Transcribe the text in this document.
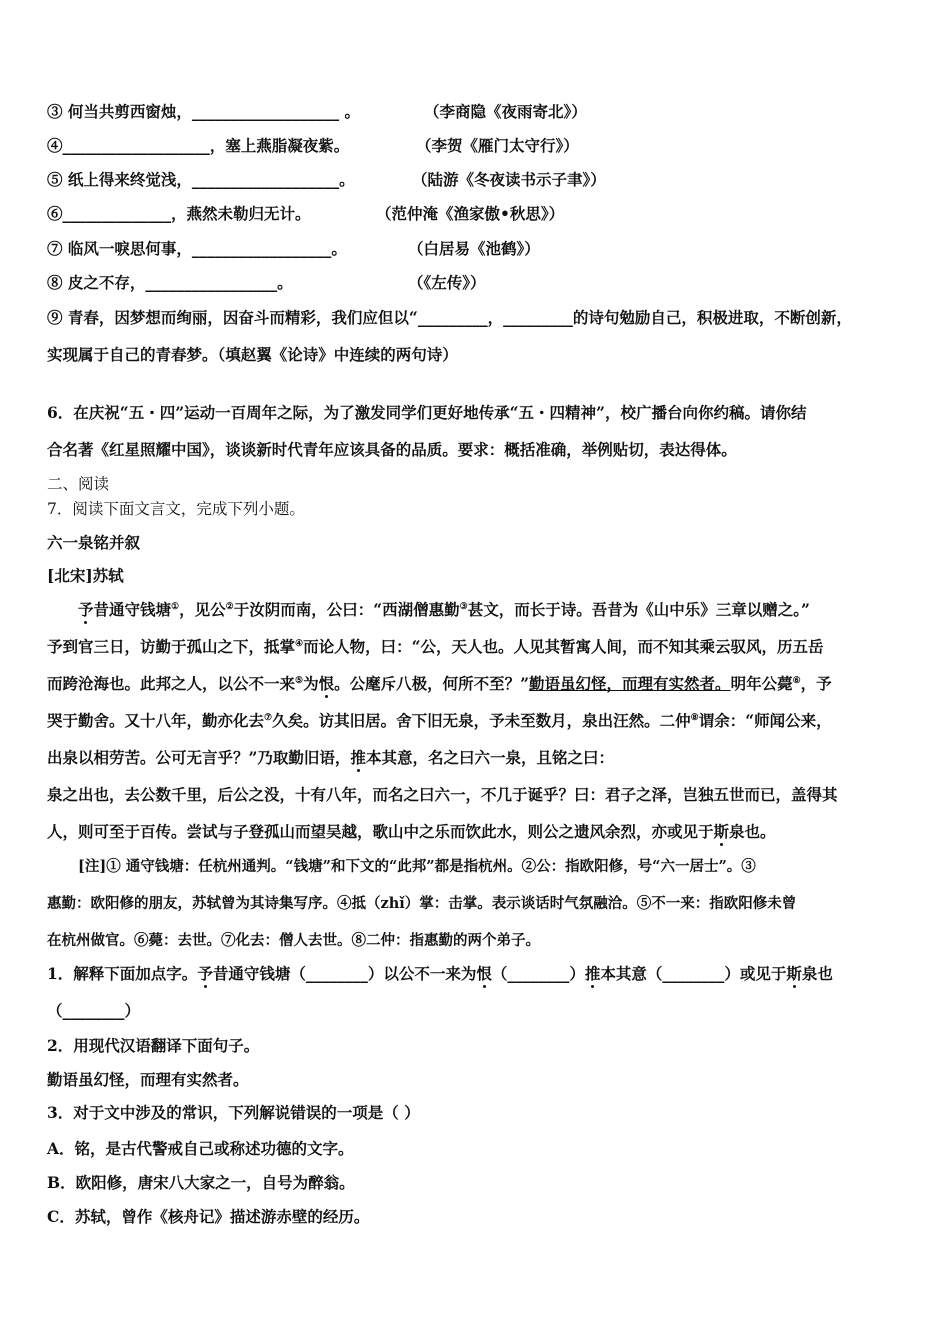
③ 何当共剪西窗烛，___________________ 。	（李商隐《夜雨寄北》）
④___________________，塞上燕脂凝夜紫。	（李贺《雁门太守行》）
⑤ 纸上得来终觉浅，___________________。	（陆游《冬夜读书示子聿》）
⑥______________，燕然未勒归无计。	（范仲淹《渔家傲•秋思》）
⑦ 临风一唳思何事，__________________。	（白居易《池鹤》）
⑧ 皮之不存，_________________。	（《左传》）
⑨ 青春，因梦想而绚丽，因奋斗而精彩，我们应但以“_________，_________的诗句勉励自己，积极进取，不断创新，
实现属于自己的青春梦。（填赵翼《论诗》中连续的两句诗）
6．在庆祝“五・四”运动一百周年之际，为了激发同学们更好地传承“五・四精神”，校广播台向你约稿。请你结
合名著《红星照耀中国》，谈谈新时代青年应该具备的品质。要求：概括准确，举例贴切，表达得体。
二、阅读
7．阅读下面文言文，完成下列小题。
六一泉铭并叙
[北宋]苏轼
予昔通守钱塘①，见公②于汝阴而南，公曰：“西湖僧惠勤③甚文，而长于诗。吾昔为《山中乐》三章以赠之。”
予到官三日，访勤于孤山之下，抵掌④而论人物，曰：“公，天人也。人见其暂寓人间，而不知其乘云驭风，历五岳
而跨沧海也。此邦之人，以公不一来⑤为恨。公麾斥八极，何所不至？”勤语虽幻怪，而理有实然者。明年公薨⑥，予
哭于勤舍。又十八年，勤亦化去⑦久矣。访其旧居。舍下旧无泉，予未至数月，泉出汪然。二仲⑧谓余：“师闻公来，
出泉以相劳苦。公可无言乎？”乃取勤旧语，推本其意，名之曰六一泉，且铭之曰：
泉之出也，去公数千里，后公之没，十有八年，而名之曰六一，不几于诞乎？曰：君子之泽，岂独五世而已，盖得其
人，则可至于百传。尝试与子登孤山而望吴越，歌山中之乐而饮此水，则公之遗风余烈，亦或见于斯泉也。
[注]① 通守钱塘：任杭州通判。“钱塘”和下文的“此邦”都是指杭州。②公：指欧阳修，号“六一居士”。③
惠勤：欧阳修的朋友，苏轼曾为其诗集写序。④抵（zhǐ）掌：击掌。表示谈话时气氛融洽。⑤不一来：指欧阳修未曾
在杭州做官。⑥薨：去世。⑦化去：僧人去世。⑧二仲：指惠勤的两个弟子。
1．解释下面加点字。予昔通守钱塘（________）以公不一来为恨（________）推本其意（________）或见于斯泉也
（________）
2．用现代汉语翻译下面句子。
勤语虽幻怪，而理有实然者。
3．对于文中涉及的常识，下列解说错误的一项是（ ）
A．铭，是古代警戒自己或称述功德的文字。
B．欧阳修，唐宋八大家之一，自号为醉翁。
C．苏轼，曾作《核舟记》描述游赤壁的经历。
